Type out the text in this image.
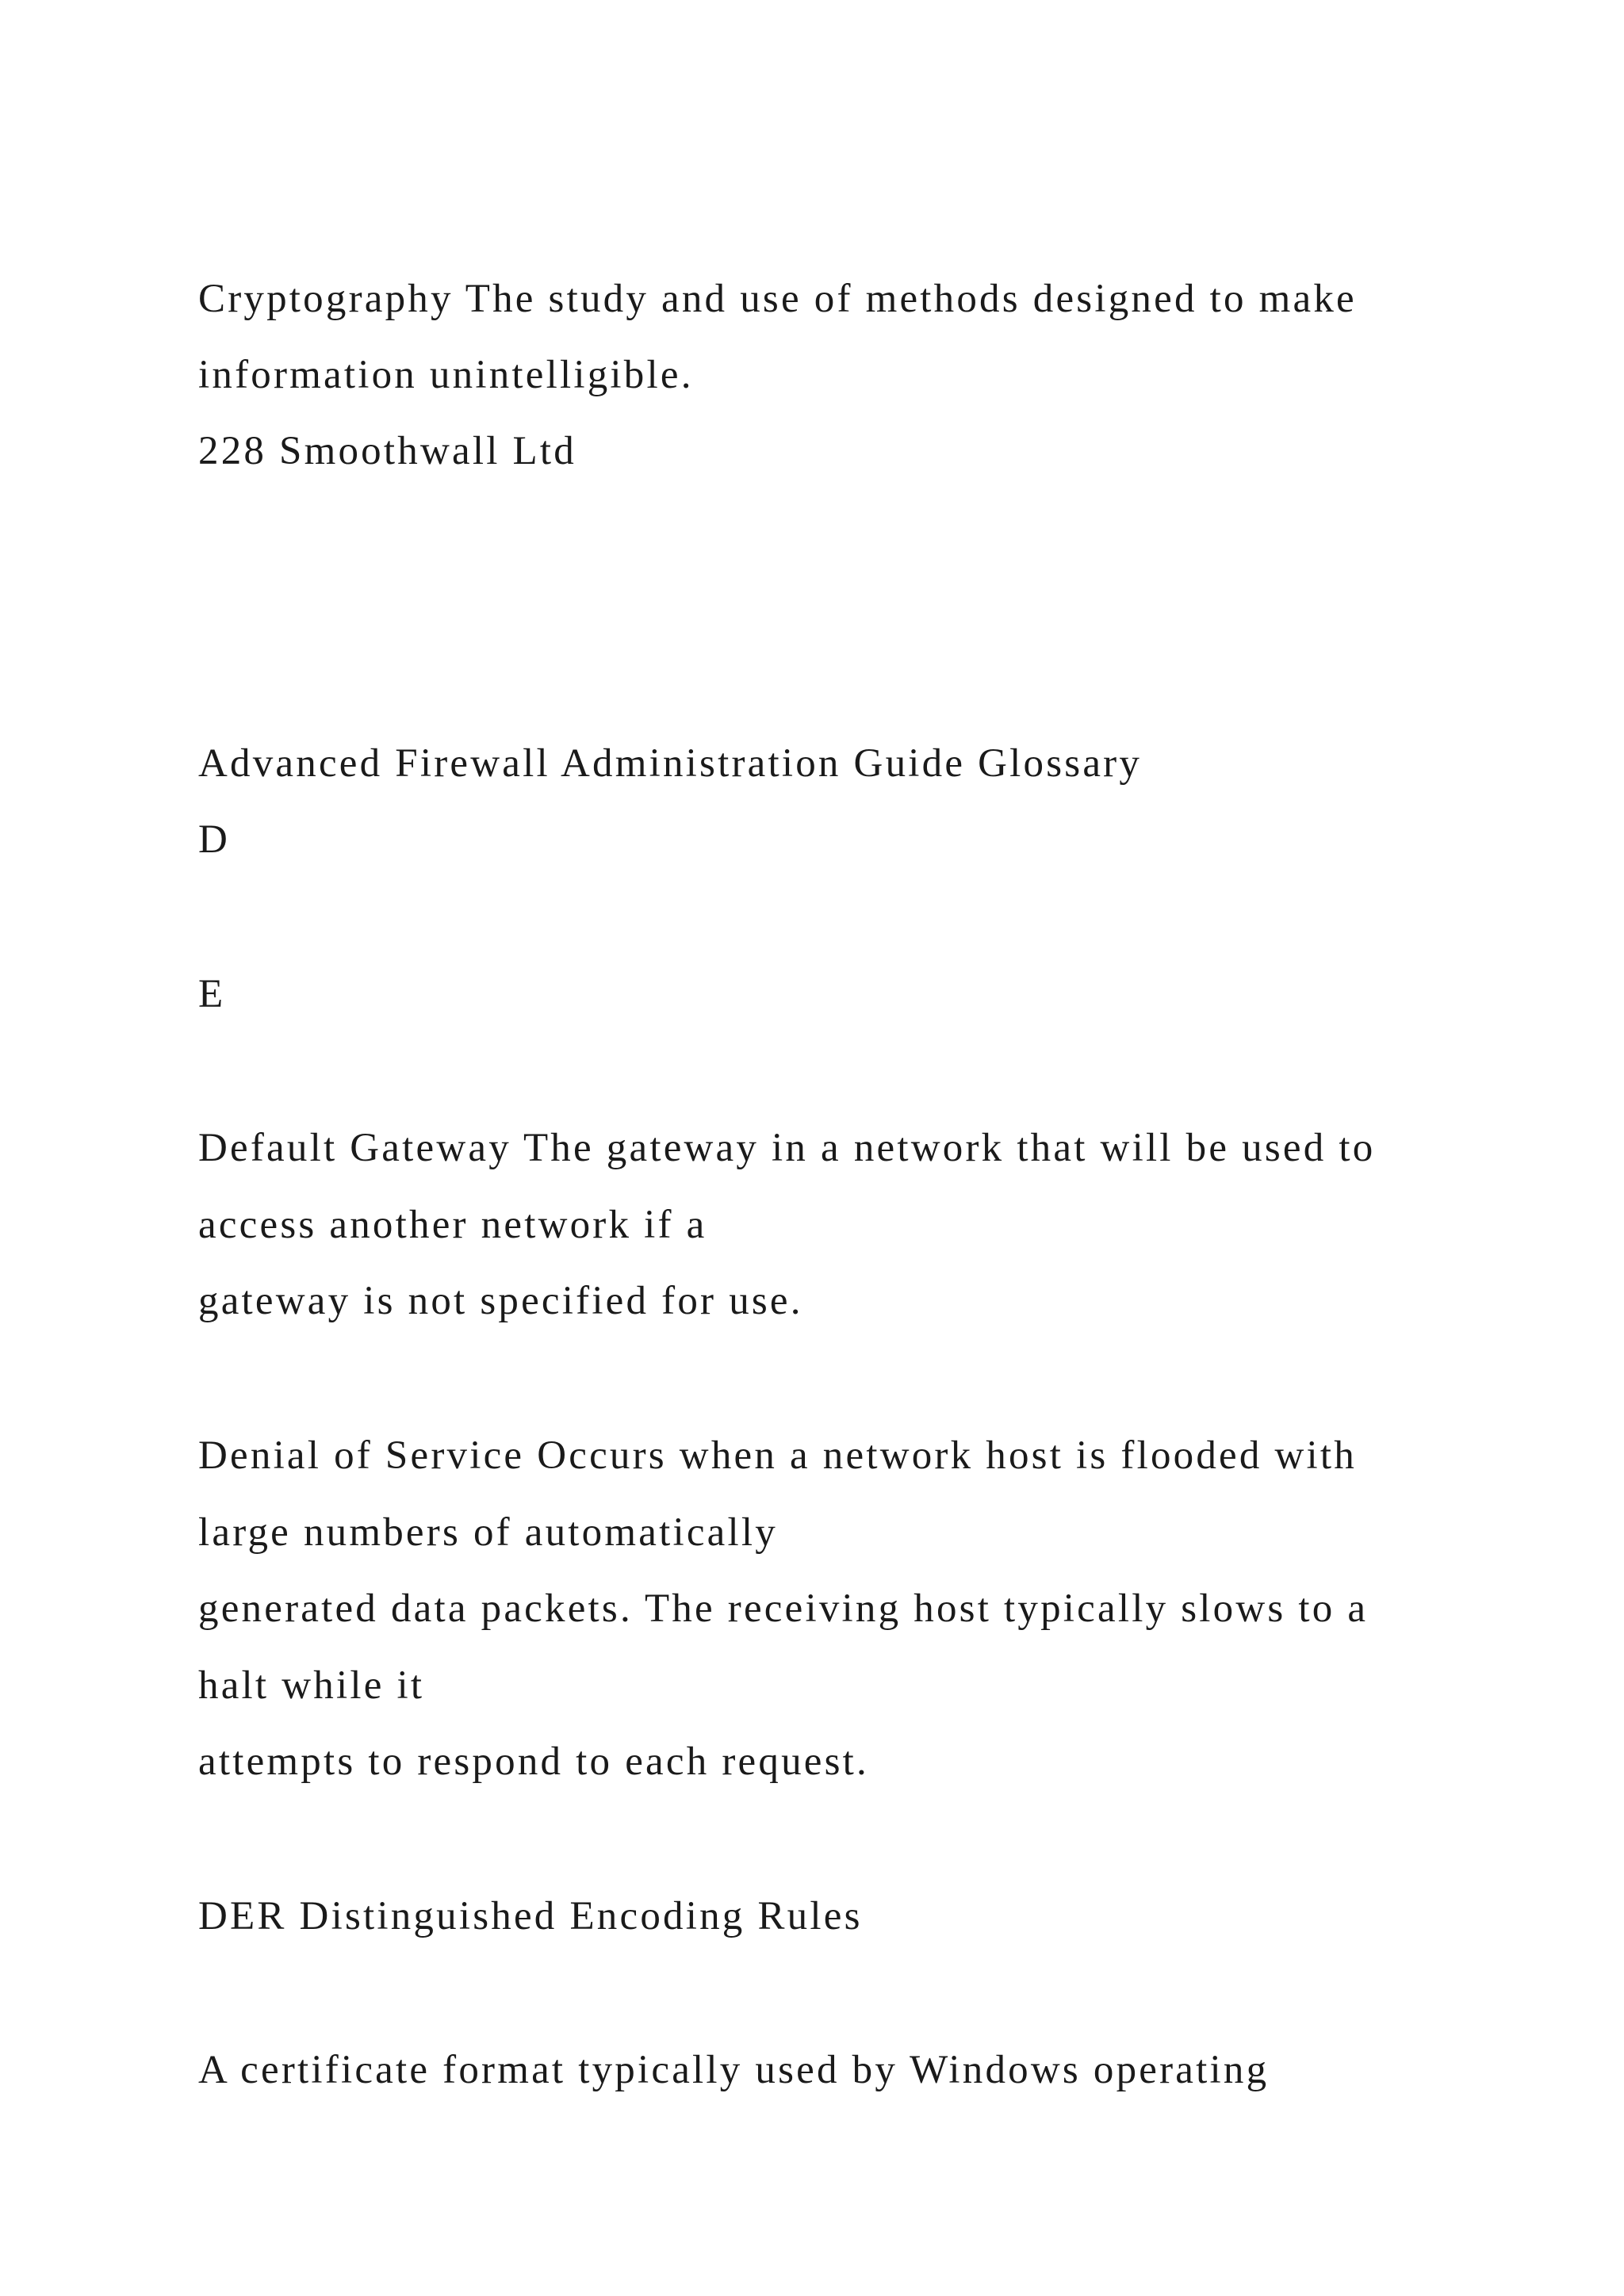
Cryptography The study and use of methods designed to make
information unintelligible.
228 Smoothwall Ltd
Advanced Firewall Administration Guide Glossary
D
E
Default Gateway The gateway in a network that will be used to
access another network if a
gateway is not specified for use.
Denial of Service Occurs when a network host is flooded with
large numbers of automatically
generated data packets. The receiving host typically slows to a
halt while it
attempts to respond to each request.
DER Distinguished Encoding Rules
A certificate format typically used by Windows operating
